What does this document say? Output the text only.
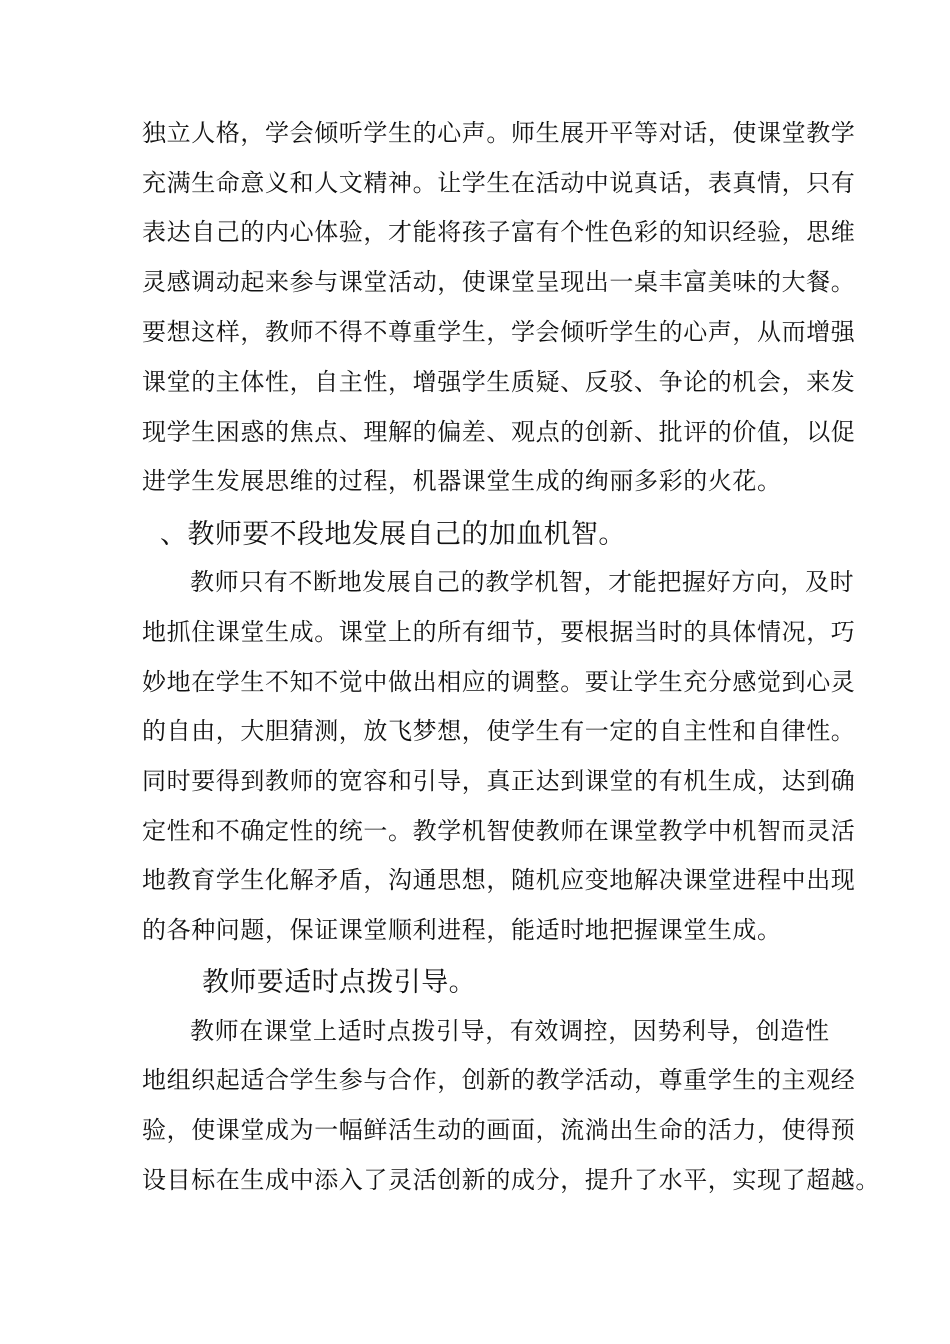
独立人格，学会倾听学生的心声。师生展开平等对话，使课堂教学
充满生命意义和人文精神。让学生在活动中说真话，表真情，只有
表达自己的内心体验，才能将孩子富有个性色彩的知识经验，思维
灵感调动起来参与课堂活动，使课堂呈现出一桌丰富美味的大餐。
要想这样，教师不得不尊重学生，学会倾听学生的心声，从而增强
课堂的主体性，自主性，增强学生质疑、反驳、争论的机会，来发
现学生困惑的焦点、理解的偏差、观点的创新、批评的价值，以促
进学生发展思维的过程，机器课堂生成的绚丽多彩的火花。
、教师要不段地发展自己的加血机智。
教师只有不断地发展自己的教学机智，才能把握好方向，及时
地抓住课堂生成。课堂上的所有细节，要根据当时的具体情况，巧
妙地在学生不知不觉中做出相应的调整。要让学生充分感觉到心灵
的自由，大胆猜测，放飞梦想，使学生有一定的自主性和自律性。
同时要得到教师的宽容和引导，真正达到课堂的有机生成，达到确
定性和不确定性的统一。教学机智使教师在课堂教学中机智而灵活
地教育学生化解矛盾，沟通思想，随机应变地解决课堂进程中出现
的各种问题，保证课堂顺利进程，能适时地把握课堂生成。
教师要适时点拨引导。
教师在课堂上适时点拨引导，有效调控，因势利导，创造性
地组织起适合学生参与合作，创新的教学活动，尊重学生的主观经
验，使课堂成为一幅鲜活生动的画面，流淌出生命的活力，使得预
设目标在生成中添入了灵活创新的成分，提升了水平，实现了超越。
